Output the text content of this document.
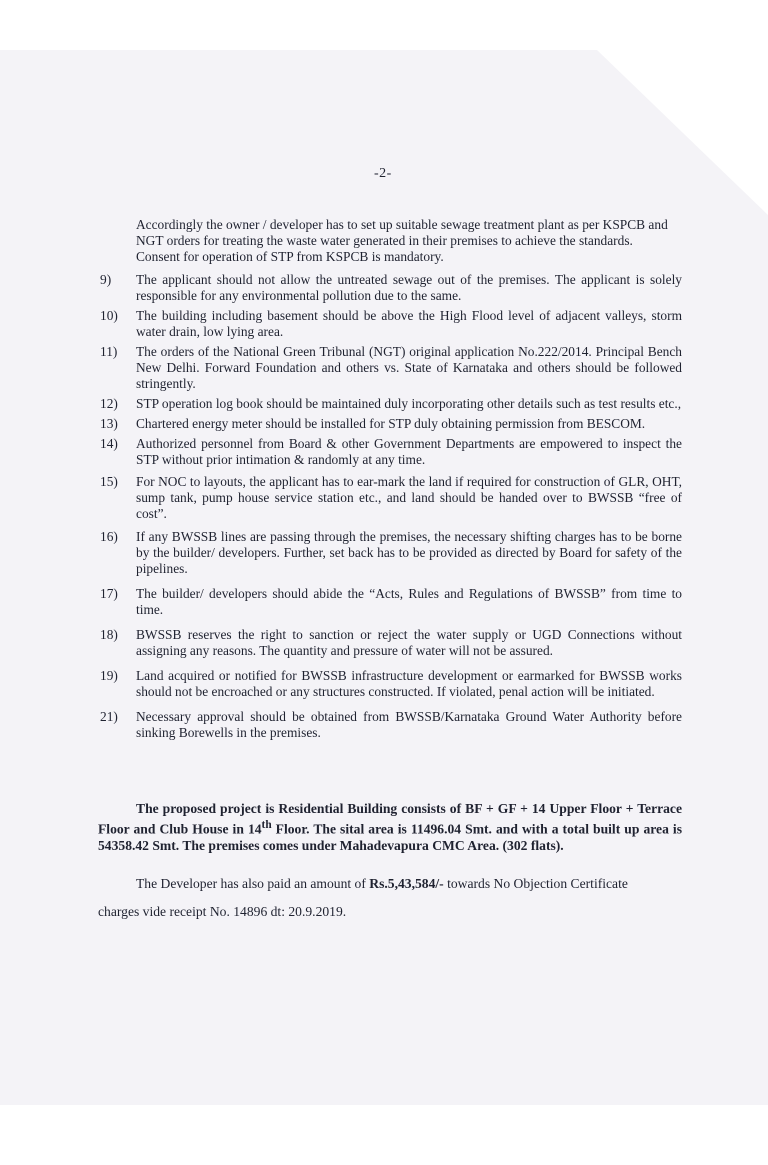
-2-
Accordingly the owner / developer has to set up suitable sewage treatment plant as per KSPCB and NGT orders for treating the waste water generated in their premises to achieve the standards. Consent for operation of STP from KSPCB is mandatory.
9)	The applicant should not allow the untreated sewage out of the premises. The applicant is solely responsible for any environmental pollution due to the same.
10)	The building including basement should be above the High Flood level of adjacent valleys, storm water drain, low lying area.
11)	The orders of the National Green Tribunal (NGT) original application No.222/2014. Principal Bench New Delhi. Forward Foundation and others vs. State of Karnataka and others should be followed stringently.
12)	STP operation log book should be maintained duly incorporating other details such as test results etc.,
13)	Chartered energy meter should be installed for STP duly obtaining permission from BESCOM.
14)	Authorized personnel from Board & other Government Departments are empowered to inspect the STP without prior intimation & randomly at any time.
15)	For NOC to layouts, the applicant has to ear-mark the land if required for construction of GLR, OHT, sump tank, pump house service station etc., and land should be handed over to BWSSB “free of cost”.
16)	If any BWSSB lines are passing through the premises, the necessary shifting charges has to be borne by the builder/ developers. Further, set back has to be provided as directed by Board for safety of the pipelines.
17)	The builder/ developers should abide the “Acts, Rules and Regulations of BWSSB” from time to time.
18)	BWSSB reserves the right to sanction or reject the water supply or UGD Connections without assigning any reasons. The quantity and pressure of water will not be assured.
19)	Land acquired or notified for BWSSB infrastructure development or earmarked for BWSSB works should not be encroached or any structures constructed. If violated, penal action will be initiated.
21)	Necessary approval should be obtained from BWSSB/Karnataka Ground Water Authority before sinking Borewells in the premises.
The proposed project is Residential Building consists of BF + GF + 14 Upper Floor + Terrace Floor and Club House in 14th Floor. The sital area is 11496.04 Smt. and with a total built up area is 54358.42 Smt. The premises comes under Mahadevapura CMC Area. (302 flats).
The Developer has also paid an amount of Rs.5,43,584/- towards No Objection Certificate
charges vide receipt No. 14896 dt: 20.9.2019.
